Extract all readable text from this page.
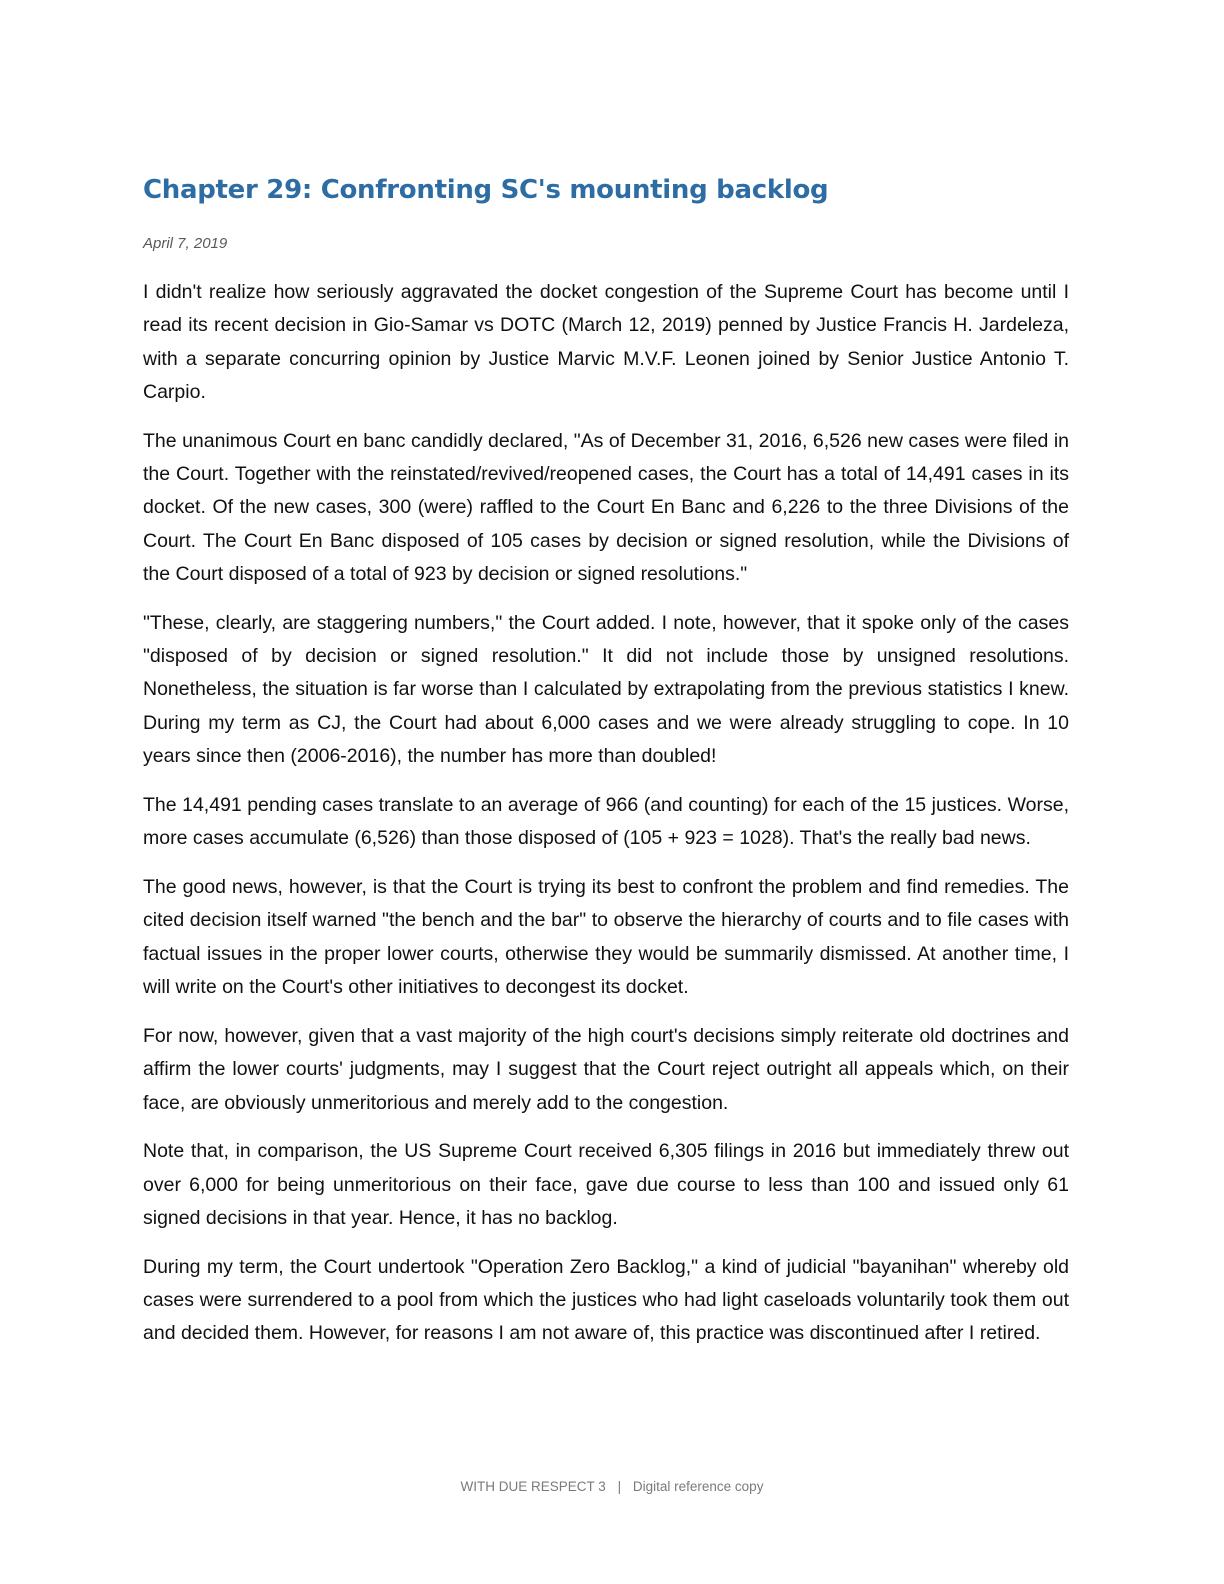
Chapter 29: Confronting SC's mounting backlog
April 7, 2019

I didn't realize how seriously aggravated the docket congestion of the Supreme Court has become until I read its recent decision in Gio-Samar vs DOTC (March 12, 2019) penned by Justice Francis H. Jardeleza, with a separate concurring opinion by Justice Marvic M.V.F. Leonen joined by Senior Justice Antonio T. Carpio.

The unanimous Court en banc candidly declared, "As of December 31, 2016, 6,526 new cases were filed in the Court. Together with the reinstated/revived/reopened cases, the Court has a total of 14,491 cases in its docket. Of the new cases, 300 (were) raffled to the Court En Banc and 6,226 to the three Divisions of the Court. The Court En Banc disposed of 105 cases by decision or signed resolution, while the Divisions of the Court disposed of a total of 923 by decision or signed resolutions."

"These, clearly, are staggering numbers," the Court added. I note, however, that it spoke only of the cases "disposed of by decision or signed resolution." It did not include those by unsigned resolutions. Nonetheless, the situation is far worse than I calculated by extrapolating from the previous statistics I knew. During my term as CJ, the Court had about 6,000 cases and we were already struggling to cope. In 10 years since then (2006-2016), the number has more than doubled!

The 14,491 pending cases translate to an average of 966 (and counting) for each of the 15 justices. Worse, more cases accumulate (6,526) than those disposed of (105 + 923 = 1028). That's the really bad news.

The good news, however, is that the Court is trying its best to confront the problem and find remedies. The cited decision itself warned "the bench and the bar" to observe the hierarchy of courts and to file cases with factual issues in the proper lower courts, otherwise they would be summarily dismissed. At another time, I will write on the Court's other initiatives to decongest its docket.

For now, however, given that a vast majority of the high court's decisions simply reiterate old doctrines and affirm the lower courts' judgments, may I suggest that the Court reject outright all appeals which, on their face, are obviously unmeritorious and merely add to the congestion.

Note that, in comparison, the US Supreme Court received 6,305 filings in 2016 but immediately threw out over 6,000 for being unmeritorious on their face, gave due course to less than 100 and issued only 61 signed decisions in that year. Hence, it has no backlog.

During my term, the Court undertook "Operation Zero Backlog," a kind of judicial "bayanihan" whereby old cases were surrendered to a pool from which the justices who had light caseloads voluntarily took them out and decided them. However, for reasons I am not aware of, this practice was discontinued after I retired.

WITH DUE RESPECT 3 | Digital reference copy
